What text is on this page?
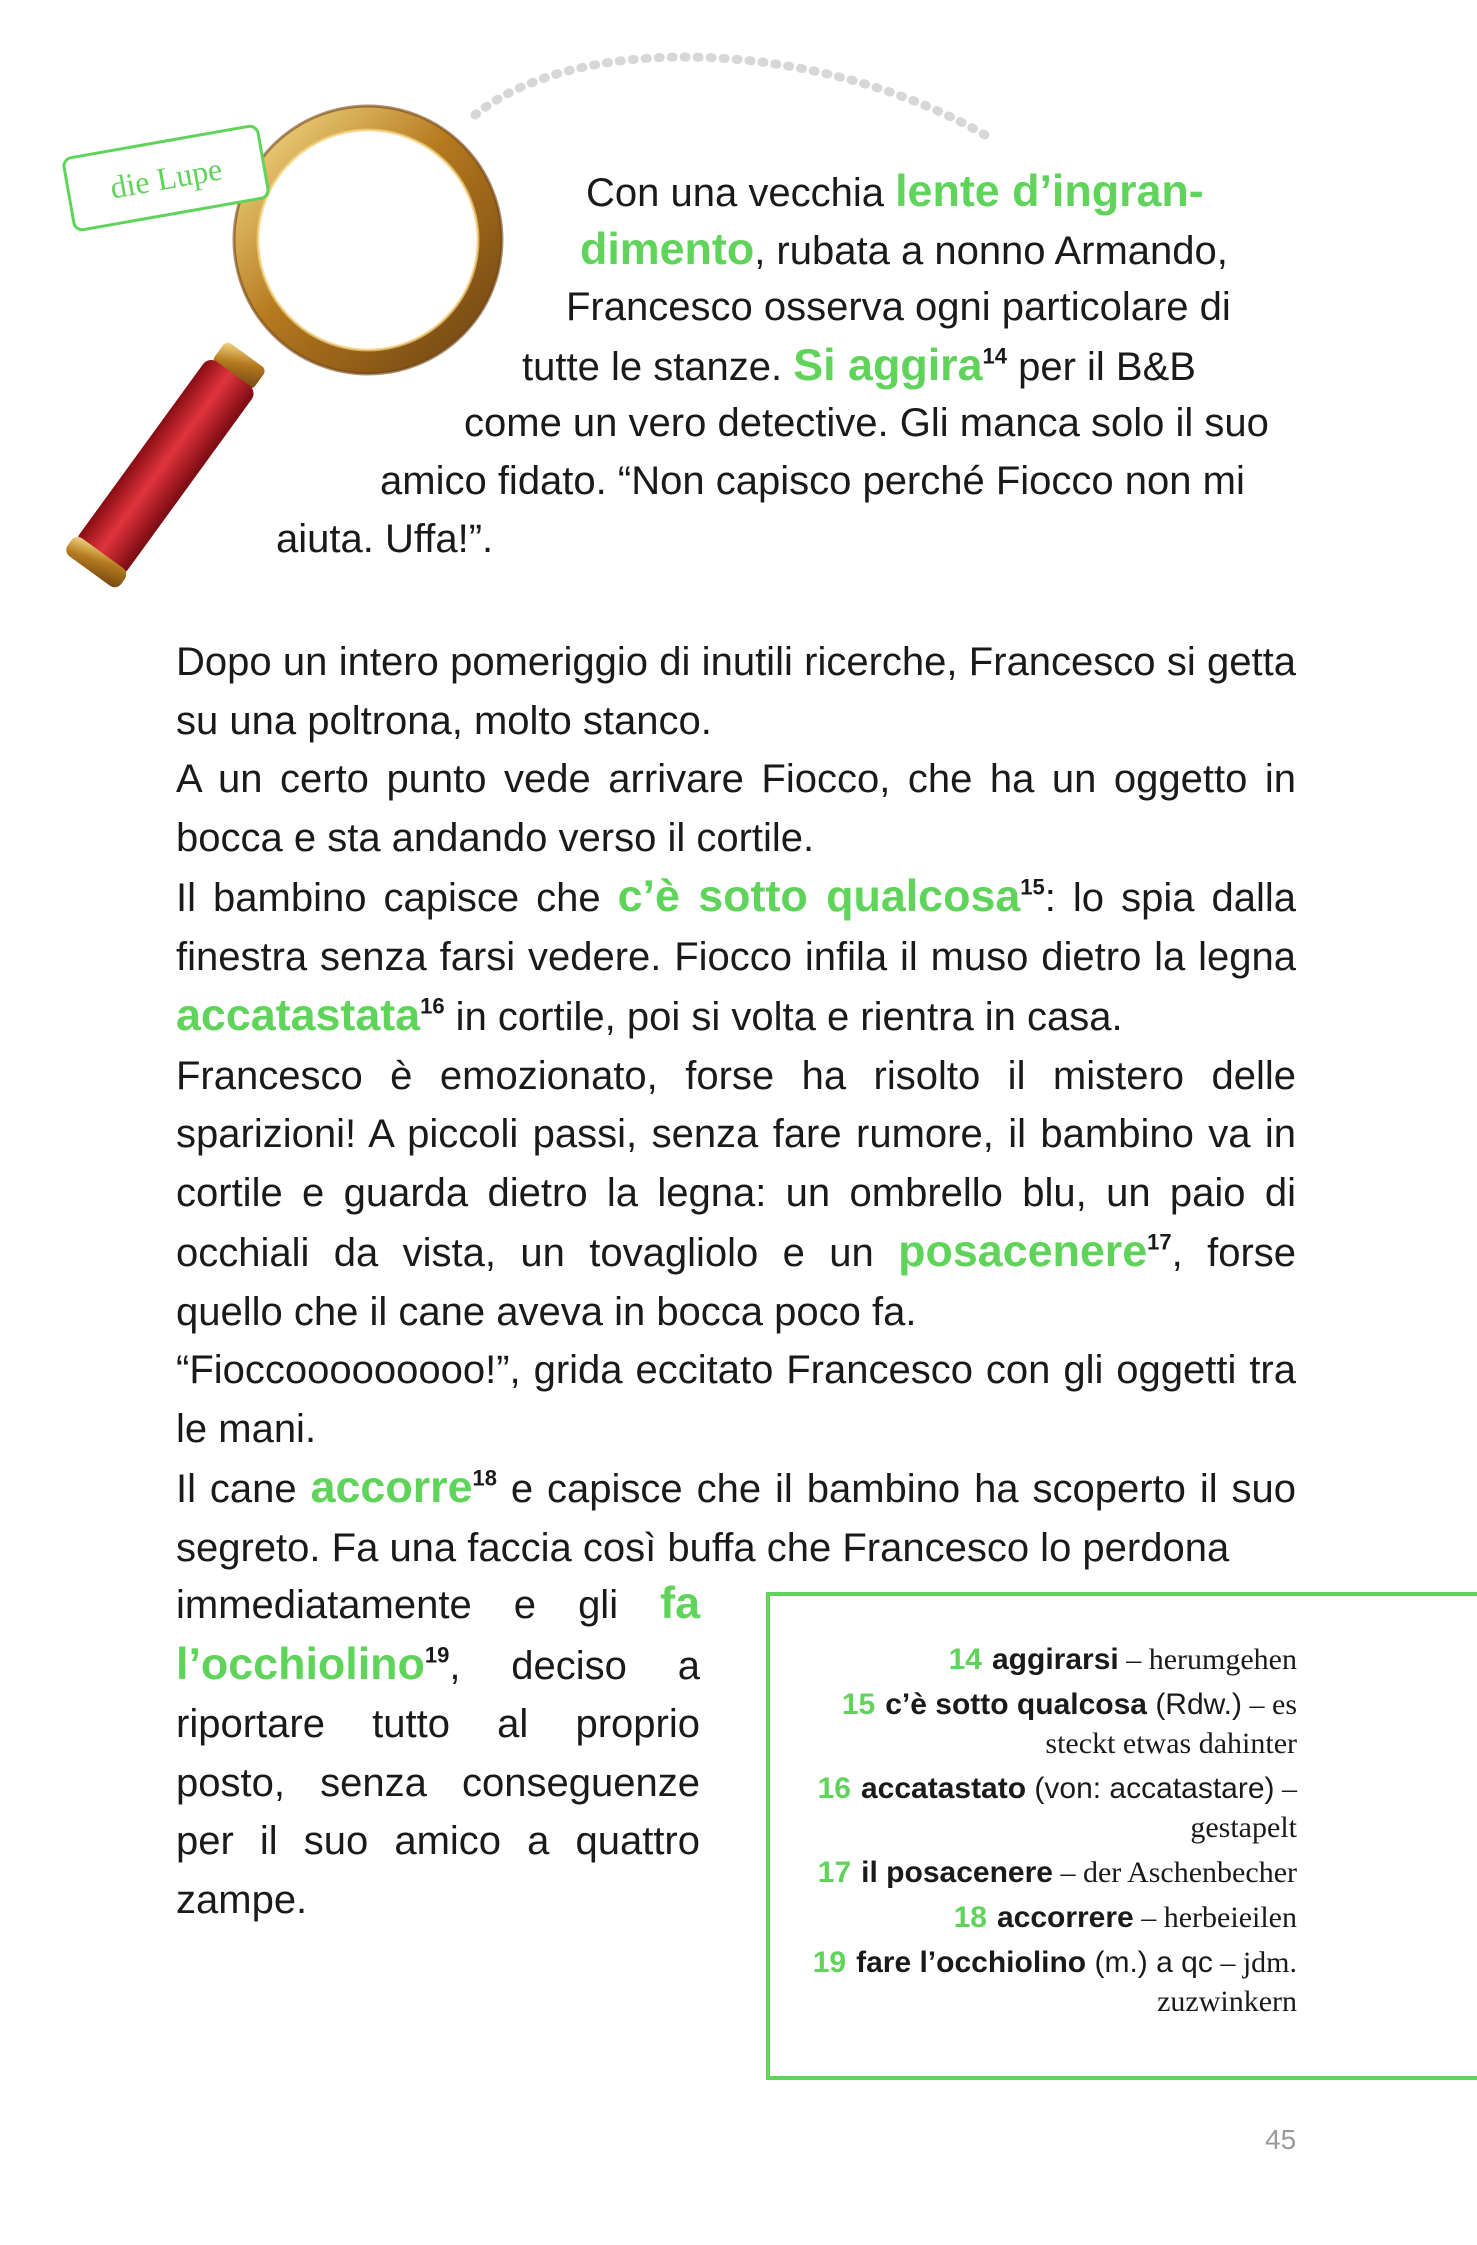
die Lupe	Con una vecchia lente d’ingran-

dimento, rubata a nonno Armando,

Francesco osserva ogni particolare di

tutte le stanze. Si aggira$^{14}$ per il B&B

come un vero detective. Gli manca solo il suo

amico fidato. “Non capisco perché Fiocco non mi

aiuta. Uffa!”.

Dopo un intero pomeriggio di inutili ricerche, Francesco si getta su una poltrona, molto stanco.

A un certo punto vede arrivare Fiocco, che ha un oggetto in bocca e sta andando verso il cortile.

Il bambino capisce che c’è sotto qualcosa$^{15}$: lo spia dalla finestra senza farsi vedere. Fiocco infila il muso dietro la legna accatastata$^{16}$ in cortile, poi si volta e rientra in casa.

Francesco è emozionato, forse ha risolto il mistero delle sparizioni! A piccoli passi, senza fare rumore, il bambino va in cortile e guarda dietro la legna: un ombrello blu, un paio di occhiali da vista, un tovagliolo e un posacenere$^{17}$, forse quello che il cane aveva in bocca poco fa.

“Fioccooooooooo!”, grida eccitato Francesco con gli oggetti tra le mani.

Il cane accorre$^{18}$ e capisce che il bambino ha scoperto il suo segreto. Fa una faccia così buffa che Francesco lo perdona

immediatamente e gli fa l’occhiolino$^{19}$, deciso a riportare tutto al proprio posto, senza conseguenze per il suo amico a quattro zampe.

14 aggirarsi – herumgehen
15 c’è sotto qualcosa (Rdw.) – es steckt etwas dahinter
16 accatastato (von: accatastare) – gestapelt
17 il posacenere – der Aschenbecher
18 accorrere – herbeieilen
19 fare l’occhiolino (m.) a qc – jdm. zuzwinkern
45
